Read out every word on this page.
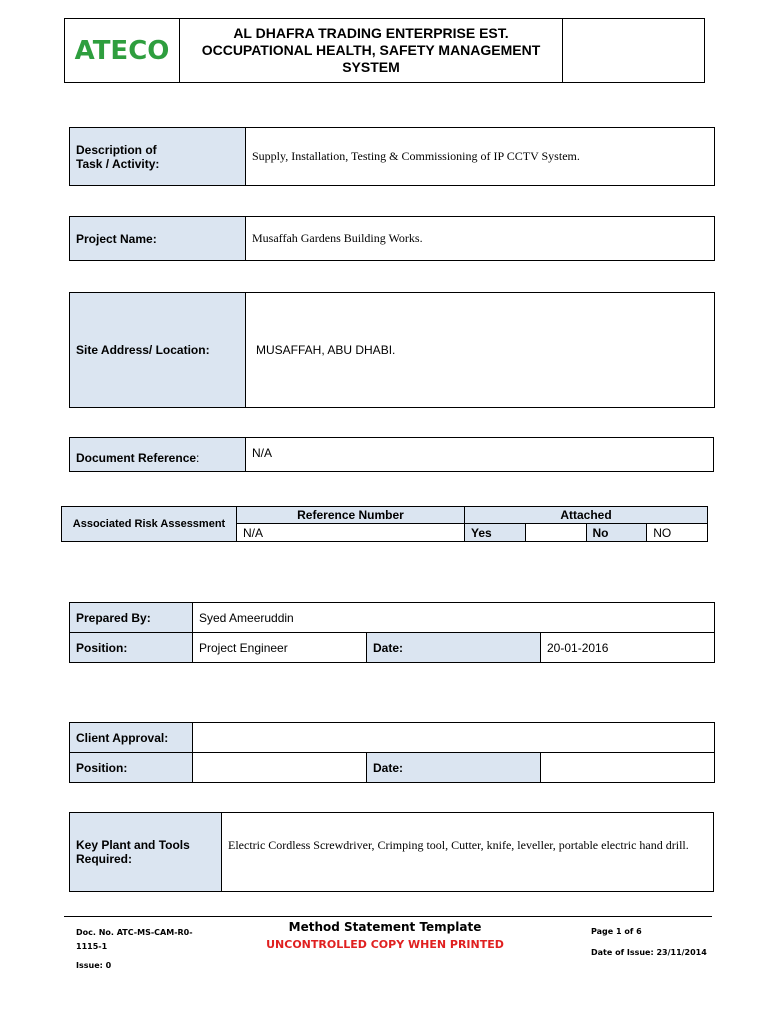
ATECO	
AL DHAFRA TRADING ENTERPRISE EST.
OCCUPATIONAL HEALTH, SAFETY MANAGEMENT
SYSTEM

Description of
Task / Activity:
	Supply, Installation, Testing & Commissioning of IP CCTV System.
Project Name:	Musaffah Gardens Building Works.
Site Address/ Location:	MUSAFFAH, ABU DHABI.
Document Reference:	N/A
Associated Risk Assessment	Reference Number	Attached			
	N/A	Yes		No	NO
Prepared By:	Syed Ameeruddin		
Position:	Project Engineer	Date:	20-01-2016
Client Approval:			
Position:		Date:	
Key Plant and Tools
Required:
	Electric Cordless Screwdriver, Crimping tool, Cutter, knife, leveller, portable electric hand drill.
Doc. No. ATC-MS-CAM-R0-
1115-1
Issue: 0
Method Statement Template
UNCONTROLLED COPY WHEN PRINTED
Page 1 of 6
Date of Issue: 23/11/2014
